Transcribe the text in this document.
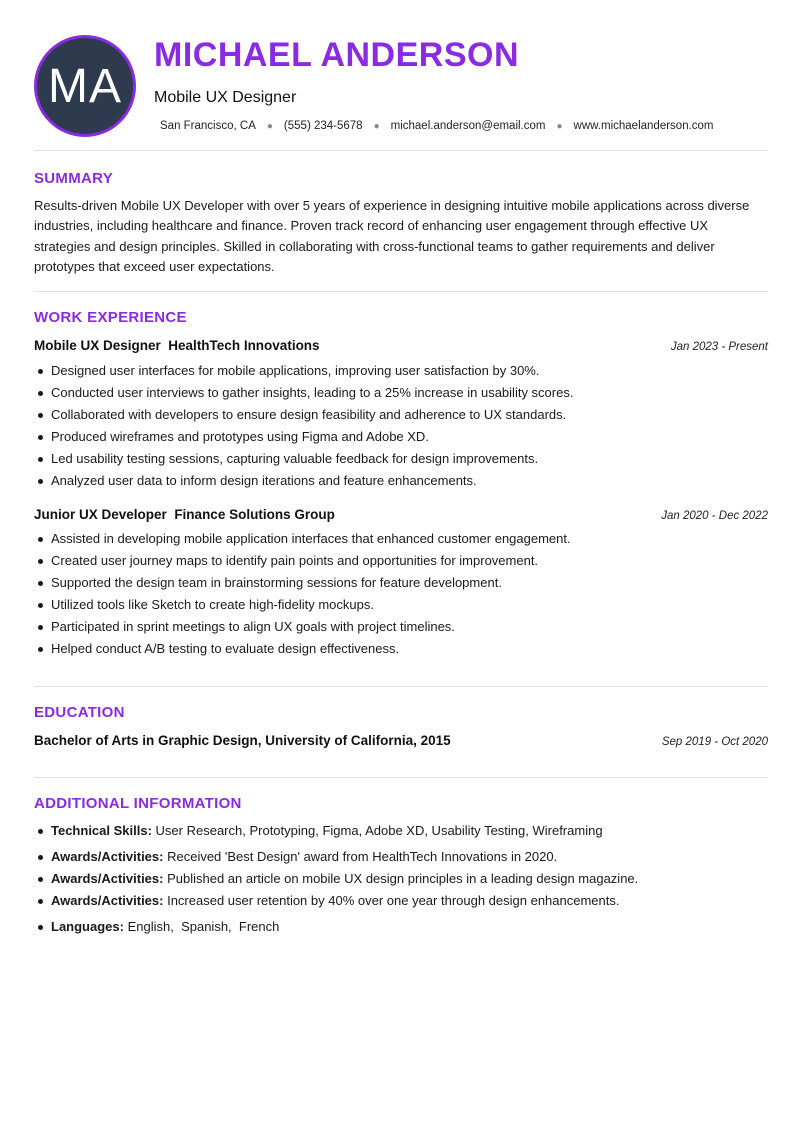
MA
MICHAEL ANDERSON
Mobile UX Designer
San Francisco, CA ● (555) 234-5678 ● michael.anderson@email.com ● www.michaelanderson.com
SUMMARY

Results-driven Mobile UX Developer with over 5 years of experience in designing intuitive mobile applications across diverse industries, including healthcare and finance. Proven track record of enhancing user engagement through effective UX strategies and design principles. Skilled in collaborating with cross-functional teams to gather requirements and deliver prototypes that exceed user expectations.

WORK EXPERIENCE
Mobile UX Designer HealthTech Innovations	Jan 2023 - Present
Designed user interfaces for mobile applications, improving user satisfaction by 30%.
Conducted user interviews to gather insights, leading to a 25% increase in usability scores.
Collaborated with developers to ensure design feasibility and adherence to UX standards.
Produced wireframes and prototypes using Figma and Adobe XD.
Led usability testing sessions, capturing valuable feedback for design improvements.
Analyzed user data to inform design iterations and feature enhancements.
Junior UX Developer Finance Solutions Group	Jan 2020 - Dec 2022
Assisted in developing mobile application interfaces that enhanced customer engagement.
Created user journey maps to identify pain points and opportunities for improvement.
Supported the design team in brainstorming sessions for feature development.
Utilized tools like Sketch to create high-fidelity mockups.
Participated in sprint meetings to align UX goals with project timelines.
Helped conduct A/B testing to evaluate design effectiveness.
EDUCATION
Bachelor of Arts in Graphic Design, University of California, 2015	Sep 2019 - Oct 2020
ADDITIONAL INFORMATION
Technical Skills: User Research, Prototyping, Figma, Adobe XD, Usability Testing, Wireframing
Awards/Activities: Received 'Best Design' award from HealthTech Innovations in 2020.
Awards/Activities: Published an article on mobile UX design principles in a leading design magazine.
Awards/Activities: Increased user retention by 40% over one year through design enhancements.
Languages: English,  Spanish,  French
